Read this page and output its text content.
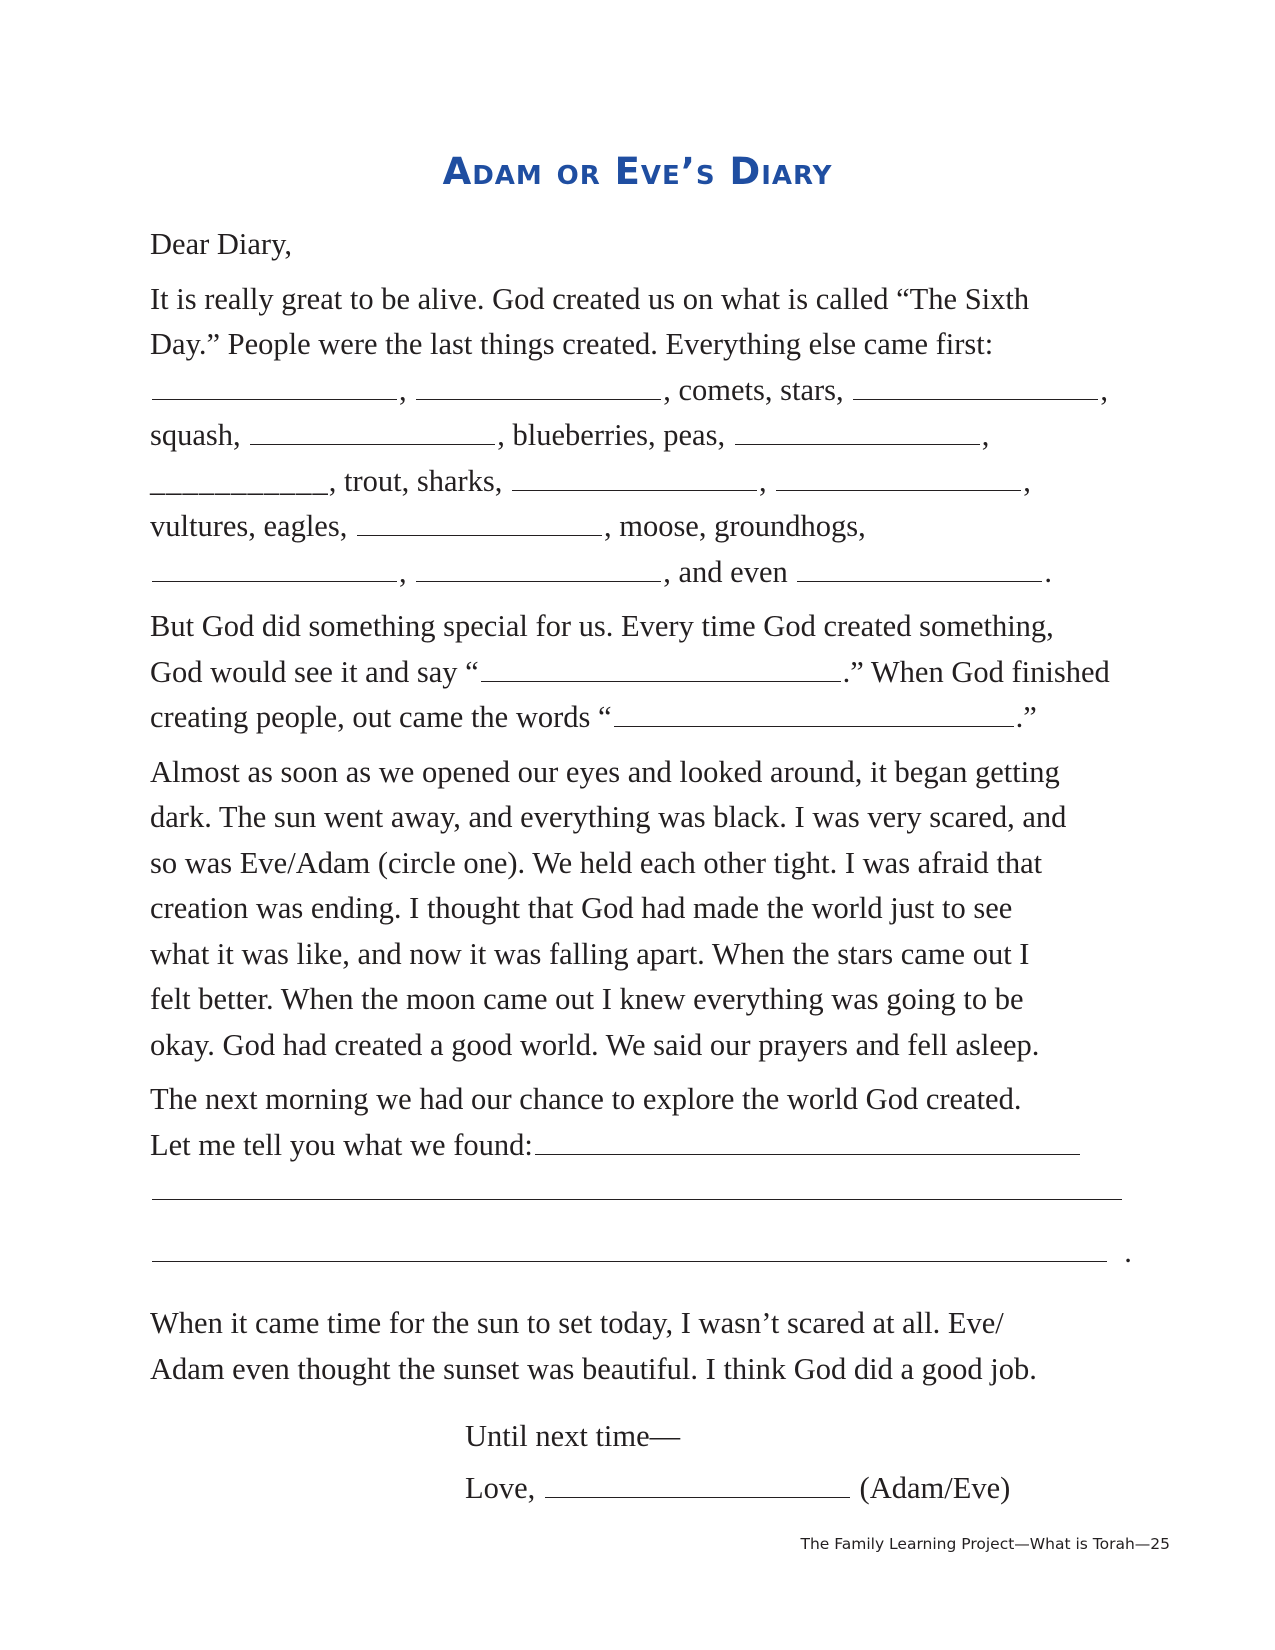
Adam or Eve’s Diary
Dear Diary,
It is really great to be alive. God created us on what is called “The Sixth
Day.” People were the last things created. Everything else came first:
,	, comets, stars,	,
squash,	, blueberries, peas,	,
___________, trout, sharks,	,	,
vultures, eagles,	, moose, groundhogs,
,	, and even	.
But God did something special for us. Every time God created something,
God would see it and say “	.” When God finished
creating people, out came the words “	.”
Almost as soon as we opened our eyes and looked around, it began getting
dark. The sun went away, and everything was black. I was very scared, and
so was Eve/Adam (circle one). We held each other tight. I was afraid that
creation was ending. I thought that God had made the world just to see
what it was like, and now it was falling apart. When the stars came out I
felt better. When the moon came out I knew everything was going to be
okay. God had created a good world. We said our prayers and fell asleep.
The next morning we had our chance to explore the world God created.
Let me tell you what we found:
.
When it came time for the sun to set today, I wasn’t scared at all. Eve/
Adam even thought the sunset was beautiful. I think God did a good job.
Until next time—
Love,	(Adam/Eve)
The Family Learning Project—What is Torah—25
